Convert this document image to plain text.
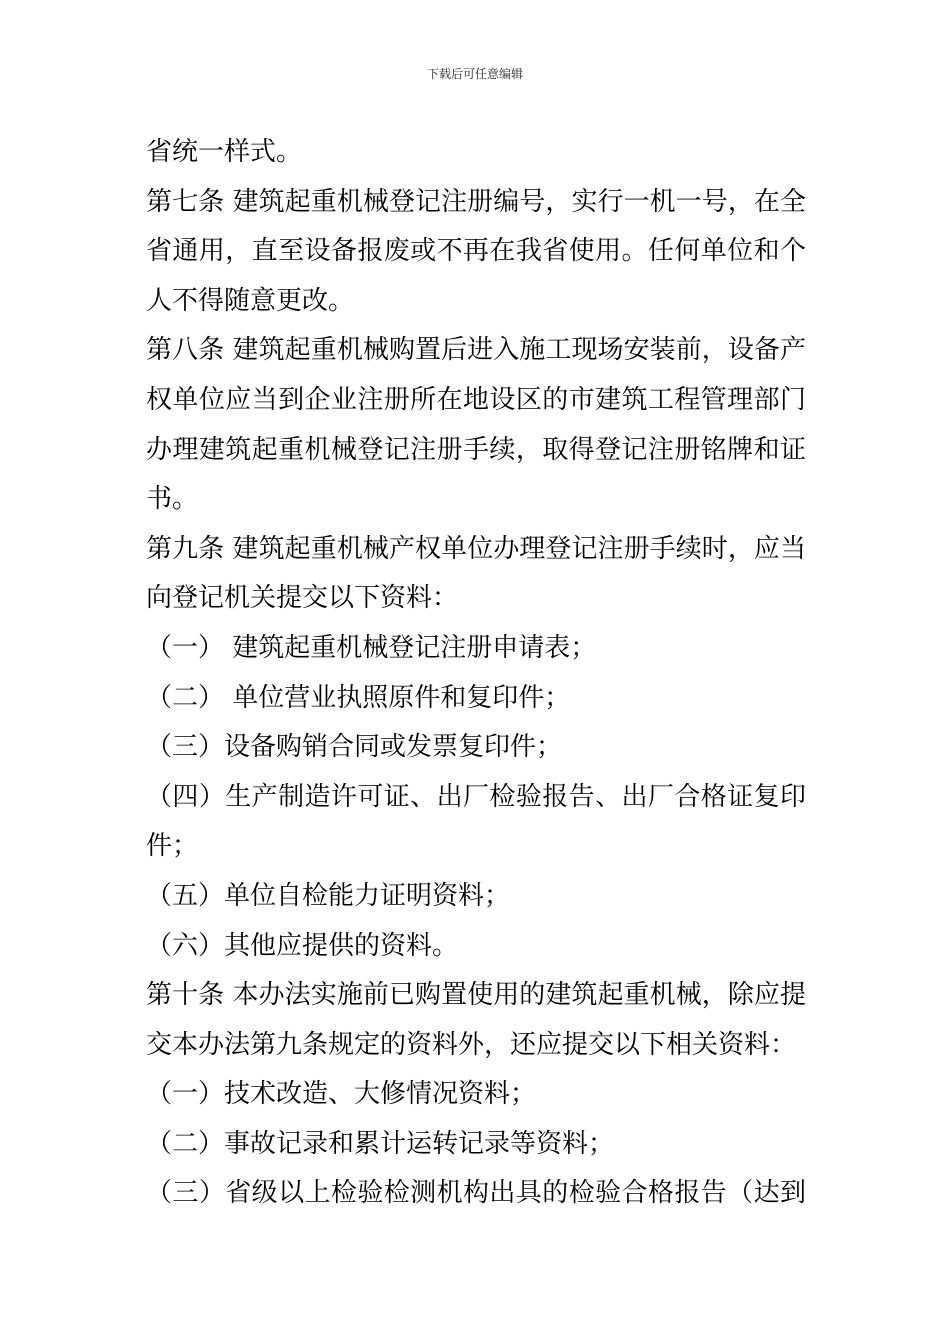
下载后可任意编辑
省统一样式。
第七条 建筑起重机械登记注册编号，实行一机一号，在全
省通用，直至设备报废或不再在我省使用。任何单位和个
人不得随意更改。
第八条 建筑起重机械购置后进入施工现场安装前，设备产
权单位应当到企业注册所在地设区的市建筑工程管理部门
办理建筑起重机械登记注册手续，取得登记注册铭牌和证
书。
第九条 建筑起重机械产权单位办理登记注册手续时，应当
向登记机关提交以下资料：
（一） 建筑起重机械登记注册申请表；
（二） 单位营业执照原件和复印件；
（三）设备购销合同或发票复印件；
（四）生产制造许可证、出厂检验报告、出厂合格证复印
件；
（五）单位自检能力证明资料；
（六）其他应提供的资料。
第十条 本办法实施前已购置使用的建筑起重机械，除应提
交本办法第九条规定的资料外，还应提交以下相关资料：
（一）技术改造、大修情况资料；
（二）事故记录和累计运转记录等资料；
（三）省级以上检验检测机构出具的检验合格报告（达到
